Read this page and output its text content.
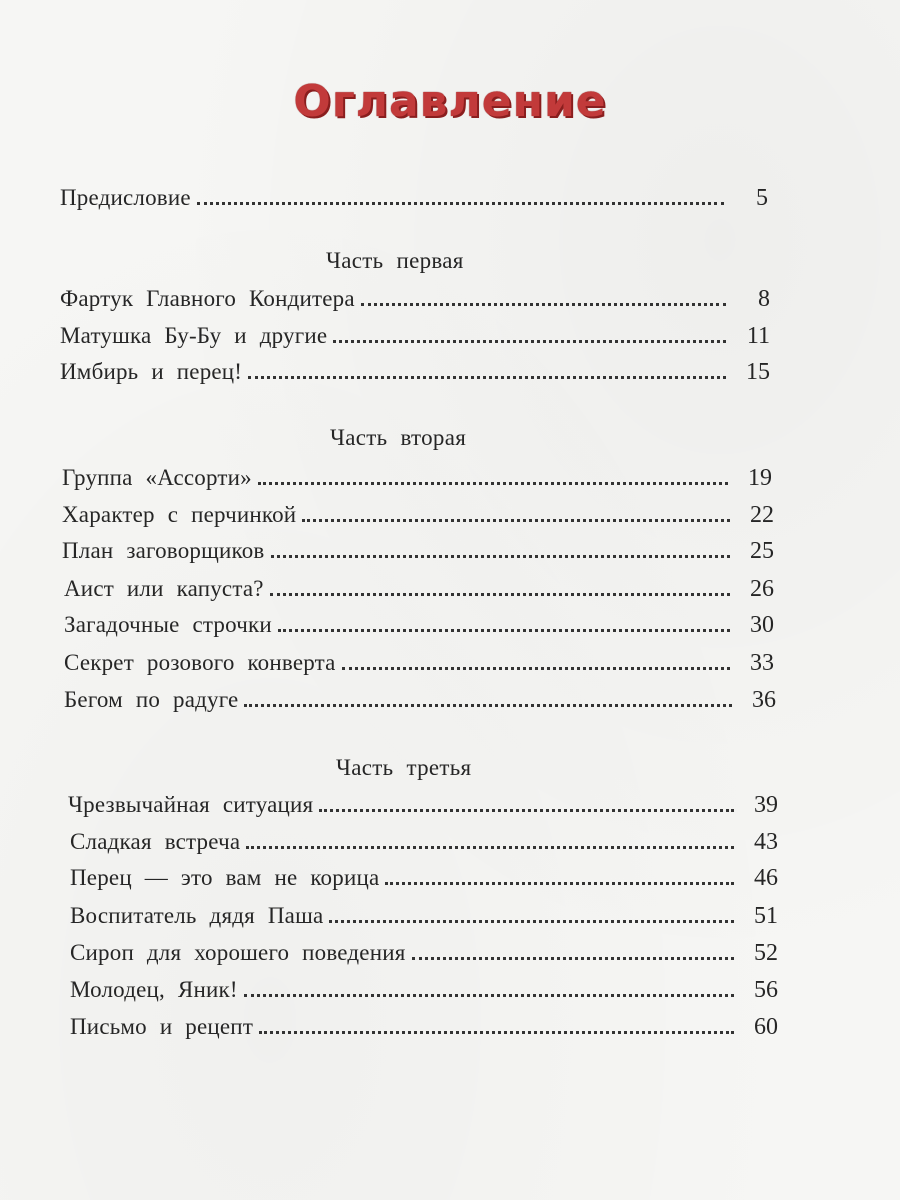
Оглавление
Предисловие	5
Часть первая
Фартук Главного Кондитера	8
Матушка Бу-Бу и другие	11
Имбирь и перец!	15
Часть вторая
Группа «Ассорти»	19
Характер с перчинкой	22
План заговорщиков	25
Аист или капуста?	26
Загадочные строчки	30
Секрет розового конверта	33
Бегом по радуге	36
Часть третья
Чрезвычайная ситуация	39
Сладкая встреча	43
Перец — это вам не корица	46
Воспитатель дядя Паша	51
Сироп для хорошего поведения	52
Молодец, Яник!	56
Письмо и рецепт	60
